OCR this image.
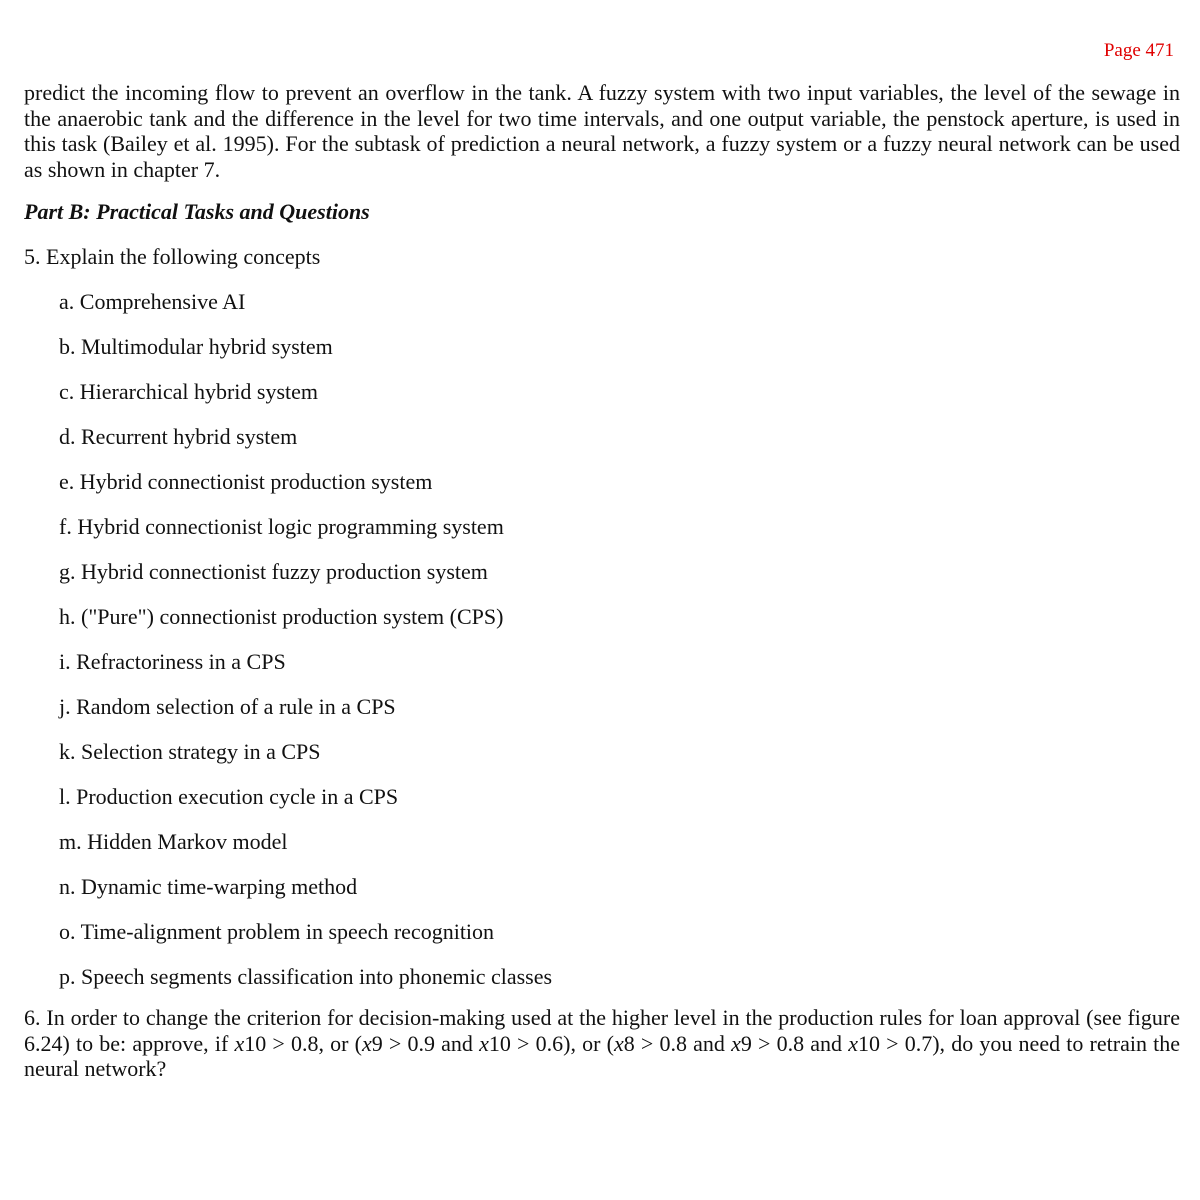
Page 471

predict the incoming flow to prevent an overflow in the tank. A fuzzy system with two input variables, the level of the sewage in the anaerobic tank and the difference in the level for two time intervals, and one output variable, the penstock aperture, is used in this task (Bailey et al. 1995). For the subtask of prediction a neural network, a fuzzy system or a fuzzy neural network can be used as shown in chapter 7.

Part B: Practical Tasks and Questions

5. Explain the following concepts

a. Comprehensive AI
b. Multimodular hybrid system
c. Hierarchical hybrid system
d. Recurrent hybrid system
e. Hybrid connectionist production system
f. Hybrid connectionist logic programming system
g. Hybrid connectionist fuzzy production system
h. ("Pure") connectionist production system (CPS)
i. Refractoriness in a CPS
j. Random selection of a rule in a CPS
k. Selection strategy in a CPS
l. Production execution cycle in a CPS
m. Hidden Markov model
n. Dynamic time-warping method
o. Time-alignment problem in speech recognition
p. Speech segments classification into phonemic classes

6. In order to change the criterion for decision-making used at the higher level in the production rules for loan approval (see figure 6.24) to be: approve, if x10 > 0.8, or (x9 > 0.9 and x10 > 0.6), or (x8 > 0.8 and x9 > 0.8 and x10 > 0.7), do you need to retrain the neural network?
